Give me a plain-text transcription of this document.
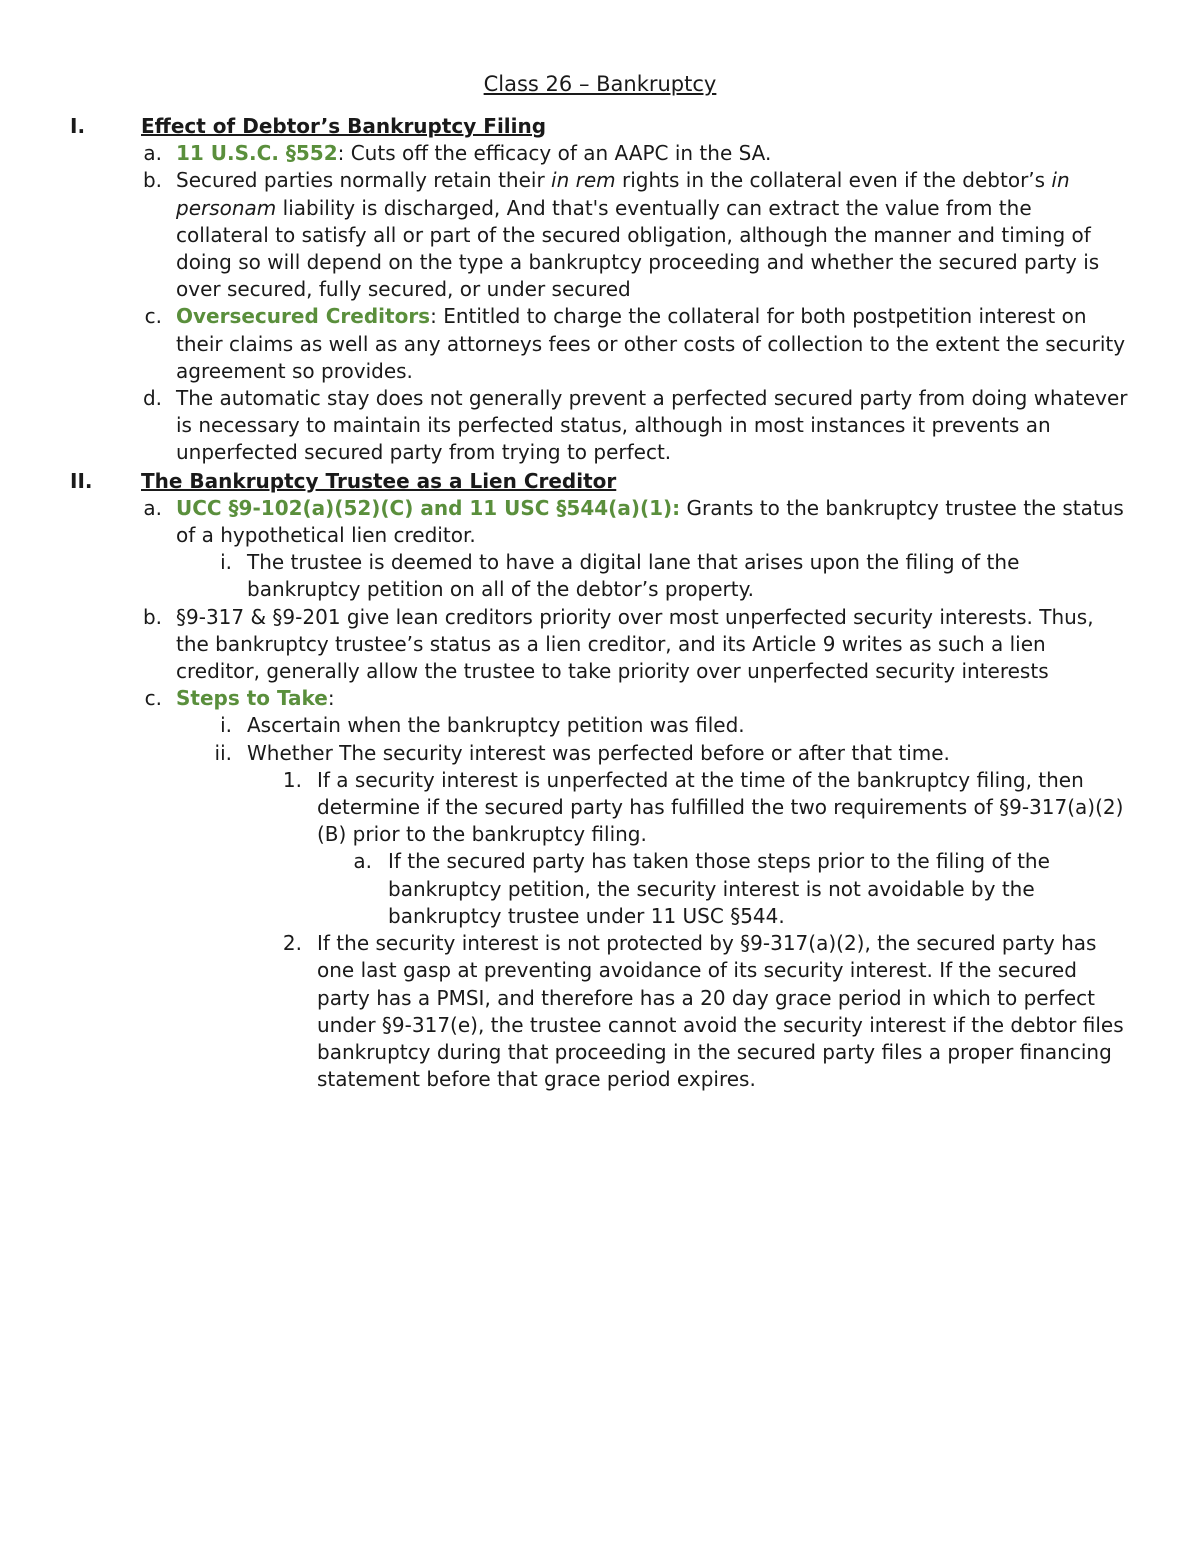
Class 26 – Bankruptcy
I.	Effect of Debtor’s Bankruptcy Filing
a. 11 U.S.C. §552: Cuts off the efficacy of an AAPC in the SA.
b. Secured parties normally retain their in rem rights in the collateral even if the debtor’s in personam liability is discharged, And that's eventually can extract the value from the collateral to satisfy all or part of the secured obligation, although the manner and timing of doing so will depend on the type a bankruptcy proceeding and whether the secured party is over secured, fully secured, or under secured
c. Oversecured Creditors: Entitled to charge the collateral for both postpetition interest on their claims as well as any attorneys fees or other costs of collection to the extent the security agreement so provides.
d. The automatic stay does not generally prevent a perfected secured party from doing whatever is necessary to maintain its perfected status, although in most instances it prevents an unperfected secured party from trying to perfect.
II. The Bankruptcy Trustee as a Lien Creditor
a. UCC §9-102(a)(52)(C) and 11 USC §544(a)(1): Grants to the bankruptcy trustee the status of a hypothetical lien creditor.
i. The trustee is deemed to have a digital lane that arises upon the filing of the bankruptcy petition on all of the debtor’s property.
b. §9-317 & §9-201 give lean creditors priority over most unperfected security interests. Thus, the bankruptcy trustee’s status as a lien creditor, and its Article 9 writes as such a lien creditor, generally allow the trustee to take priority over unperfected security interests
c. Steps to Take:
i. Ascertain when the bankruptcy petition was filed.
ii. Whether The security interest was perfected before or after that time.
1. If a security interest is unperfected at the time of the bankruptcy filing, then determine if the secured party has fulfilled the two requirements of §9-317(a)(2)(B) prior to the bankruptcy filing.
a. If the secured party has taken those steps prior to the filing of the bankruptcy petition, the security interest is not avoidable by the bankruptcy trustee under 11 USC §544.
2. If the security interest is not protected by §9-317(a)(2), the secured party has one last gasp at preventing avoidance of its security interest. If the secured party has a PMSI, and therefore has a 20 day grace period in which to perfect under §9-317(e), the trustee cannot avoid the security interest if the debtor files bankruptcy during that proceeding in the secured party files a proper financing statement before that grace period expires.
